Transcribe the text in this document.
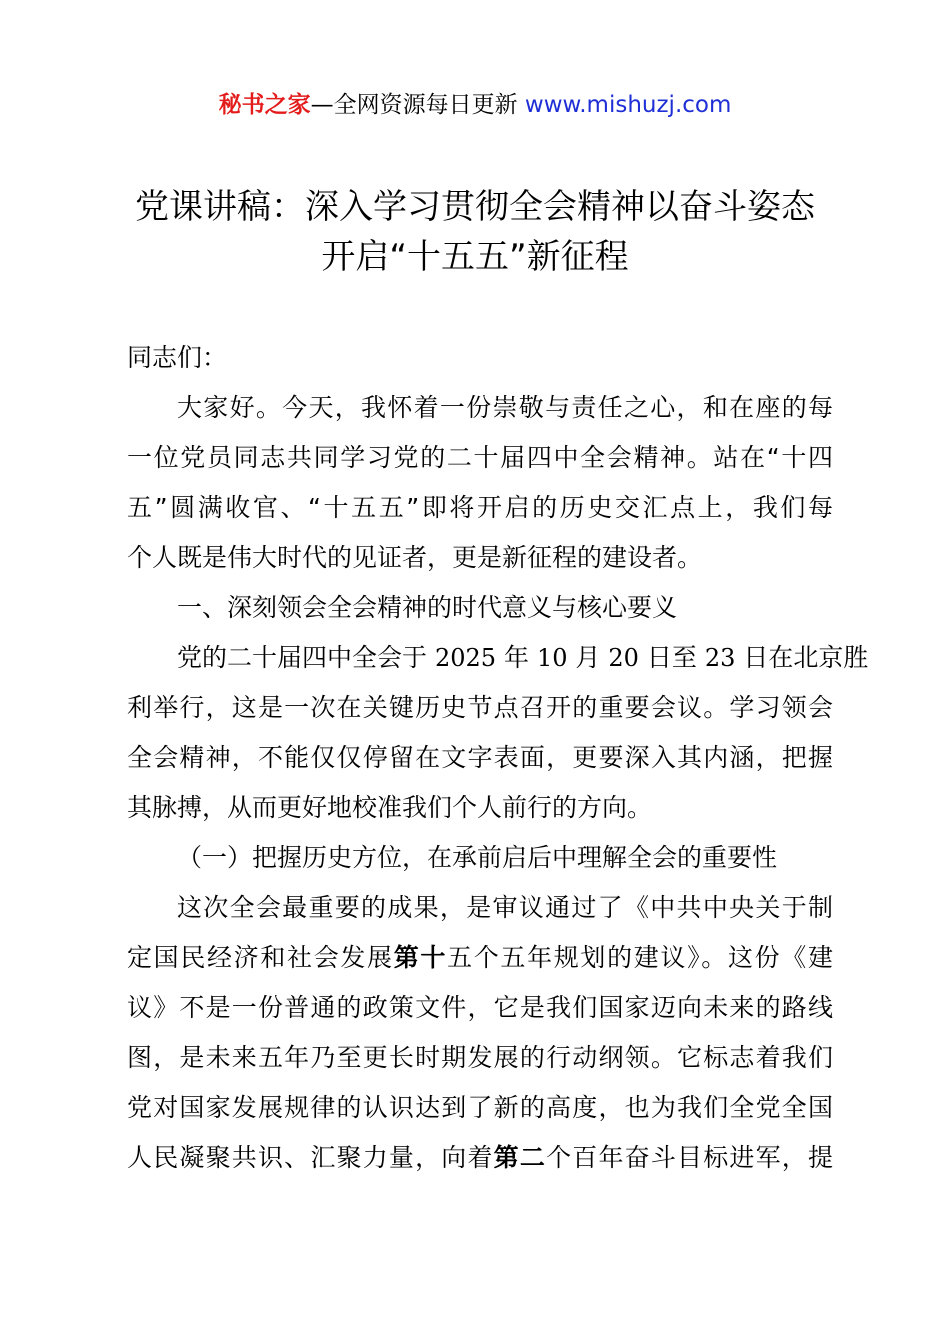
秘书之家—全网资源每日更新 www.mishuzj.com
党课讲稿：深入学习贯彻全会精神以奋斗姿态
开启“十五五”新征程
同志们：
大家好。今天，我怀着一份崇敬与责任之心，和在座的每
一位党员同志共同学习党的二十届四中全会精神。站在“十四
五”圆满收官、“十五五”即将开启的历史交汇点上，我们每
个人既是伟大时代的见证者，更是新征程的建设者。
一、深刻领会全会精神的时代意义与核心要义
党的二十届四中全会于 2025 年 10 月 20 日至 23 日在北京胜
利举行，这是一次在关键历史节点召开的重要会议。学习领会
全会精神，不能仅仅停留在文字表面，更要深入其内涵，把握
其脉搏，从而更好地校准我们个人前行的方向。
（一）把握历史方位，在承前启后中理解全会的重要性
这次全会最重要的成果，是审议通过了《中共中央关于制
定国民经济和社会发展第十五个五年规划的建议》。这份《建
议》不是一份普通的政策文件，它是我们国家迈向未来的路线
图，是未来五年乃至更长时期发展的行动纲领。它标志着我们
党对国家发展规律的认识达到了新的高度，也为我们全党全国
人民凝聚共识、汇聚力量，向着第二个百年奋斗目标进军，提
